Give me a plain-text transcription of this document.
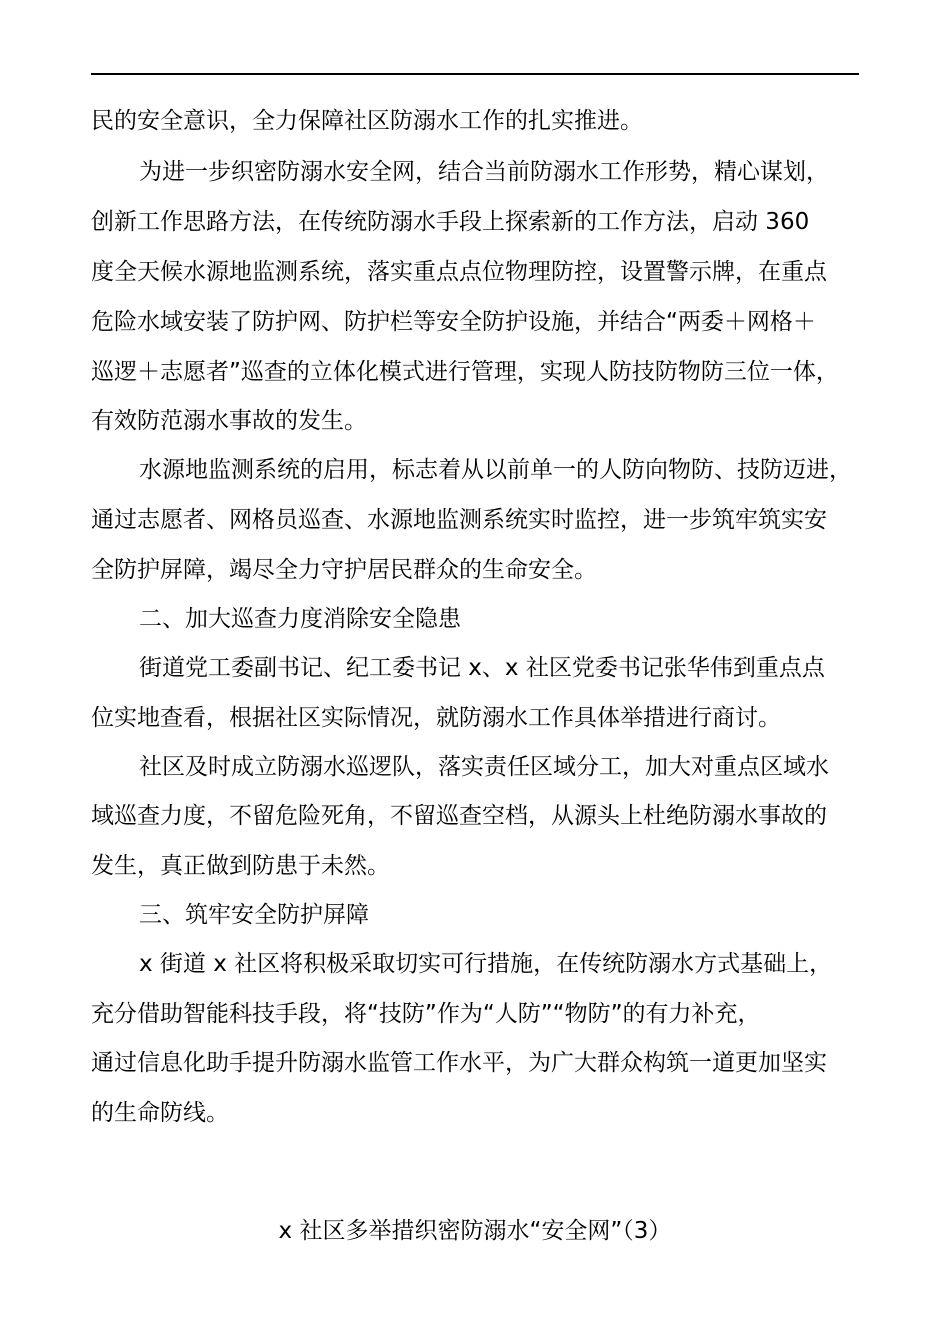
民的安全意识，全力保障社区防溺水工作的扎实推进。
为进一步织密防溺水安全网，结合当前防溺水工作形势，精心谋划，
创新工作思路方法，在传统防溺水手段上探索新的工作方法，启动 360
度全天候水源地监测系统，落实重点点位物理防控，设置警示牌，在重点
危险水域安装了防护网、防护栏等安全防护设施，并结合“两委＋网格＋
巡逻＋志愿者”巡查的立体化模式进行管理，实现人防技防物防三位一体，
有效防范溺水事故的发生。
水源地监测系统的启用，标志着从以前单一的人防向物防、技防迈进，
通过志愿者、网格员巡查、水源地监测系统实时监控，进一步筑牢筑实安
全防护屏障，竭尽全力守护居民群众的生命安全。
二、加大巡查力度消除安全隐患
街道党工委副书记、纪工委书记 x、x 社区党委书记张华伟到重点点
位实地查看，根据社区实际情况，就防溺水工作具体举措进行商讨。
社区及时成立防溺水巡逻队，落实责任区域分工，加大对重点区域水
域巡查力度，不留危险死角，不留巡查空档，从源头上杜绝防溺水事故的
发生，真正做到防患于未然。
三、筑牢安全防护屏障
x 街道 x 社区将积极采取切实可行措施，在传统防溺水方式基础上，
充分借助智能科技手段，将“技防”作为“人防”“物防”的有力补充，
通过信息化助手提升防溺水监管工作水平，为广大群众构筑一道更加坚实
的生命防线。
x 社区多举措织密防溺水“安全网”（3）
